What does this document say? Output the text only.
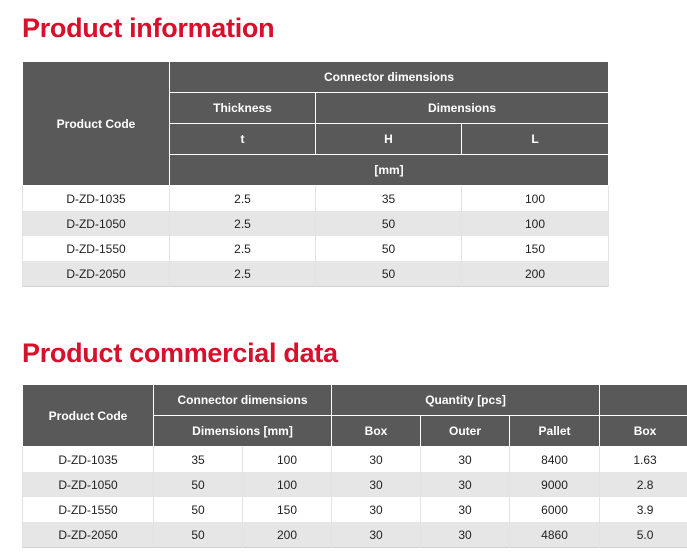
Product information
Product Code	Connector dimensions		
	Thickness	Dimensions	
	t	H	L
	[mm]		
D-ZD-1035	2.5	35	100
D-ZD-1050	2.5	50	100
D-ZD-1550	2.5	50	150
D-ZD-2050	2.5	50	200
Product commercial data
Product Code	Connector dimensions		Quantity [pcs]			
	Dimensions [mm]		Box	Outer	Pallet	Box
D-ZD-1035	35	100	30	30	8400	1.63
D-ZD-1050	50	100	30	30	9000	2.8
D-ZD-1550	50	150	30	30	6000	3.9
D-ZD-2050	50	200	30	30	4860	5.0
